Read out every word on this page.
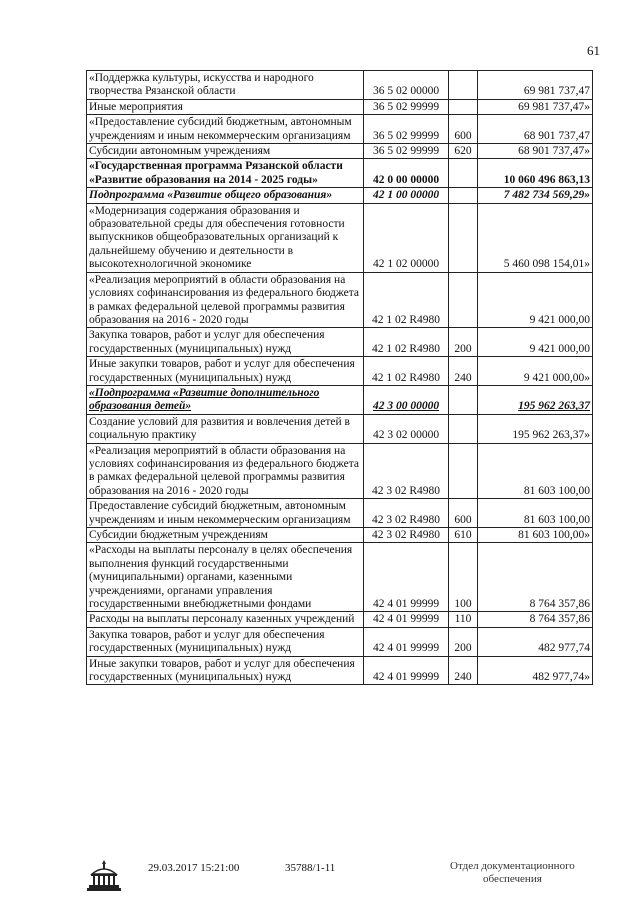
61
«Поддержка культуры, искусства и народного творчества Рязанской области	36 5 02 00000		69 981 737,47
Иные мероприятия	36 5 02 99999		69 981 737,47»
«Предоставление субсидий бюджетным, автономным учреждениям и иным некоммерческим организациям	36 5 02 99999	600	68 901 737,47
Субсидии автономным учреждениям	36 5 02 99999	620	68 901 737,47»
«Государственная программа Рязанской области «Развитие образования на 2014 - 2025 годы»	42 0 00 00000		10 060 496 863,13
Подпрограмма «Развитие общего образования»	42 1 00 00000		7 482 734 569,29»
«Модернизация содержания образования и образовательной среды для обеспечения готовности выпускников общеобразовательных организаций к дальнейшему обучению и деятельности в высокотехнологичной экономике	42 1 02 00000		5 460 098 154,01»
«Реализация мероприятий в области образования на условиях софинансирования из федерального бюджета в рамках федеральной целевой программы развития образования на 2016 - 2020 годы	42 1 02 R4980		9 421 000,00
Закупка товаров, работ и услуг для обеспечения государственных (муниципальных) нужд	42 1 02 R4980	200	9 421 000,00
Иные закупки товаров, работ и услуг для обеспечения государственных (муниципальных) нужд	42 1 02 R4980	240	9 421 000,00»
«Подпрограмма «Развитие дополнительного образования детей»	42 3 00 00000		195 962 263,37
Создание условий для развития и вовлечения детей в социальную практику	42 3 02 00000		195 962 263,37»
«Реализация мероприятий в области образования на условиях софинансирования из федерального бюджета в рамках федеральной целевой программы развития образования на 2016 - 2020 годы	42 3 02 R4980		81 603 100,00
Предоставление субсидий бюджетным, автономным учреждениям и иным некоммерческим организациям	42 3 02 R4980	600	81 603 100,00
Субсидии бюджетным учреждениям	42 3 02 R4980	610	81 603 100,00»
«Расходы на выплаты персоналу в целях обеспечения выполнения функций государственными (муниципальными) органами, казенными учреждениями, органами управления государственными внебюджетными фондами	42 4 01 99999	100	8 764 357,86
Расходы на выплаты персоналу казенных учреждений	42 4 01 99999	110	8 764 357,86
Закупка товаров, работ и услуг для обеспечения государственных (муниципальных) нужд	42 4 01 99999	200	482 977,74
Иные закупки товаров, работ и услуг для обеспечения государственных (муниципальных) нужд	42 4 01 99999	240	482 977,74»
29.03.2017 15:21:00	35788/1-11	Отдел документационного
обеспечения
